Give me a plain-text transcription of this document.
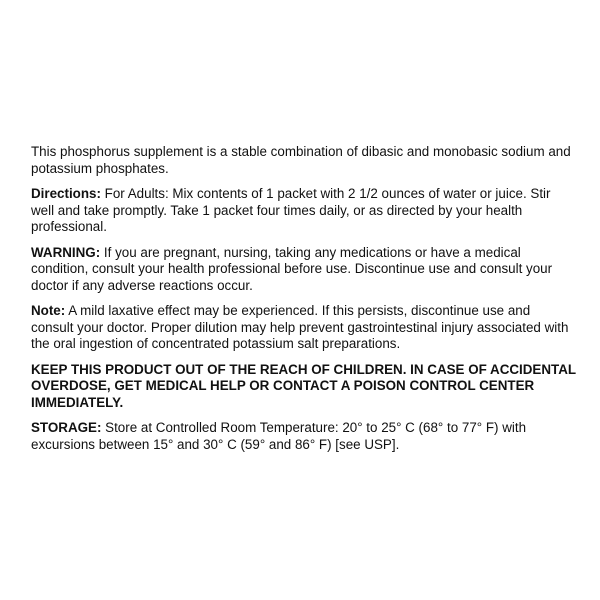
This phosphorus supplement is a stable combination of dibasic and monobasic sodium and potassium phosphates.

Directions: For Adults: Mix contents of 1 packet with 2 1/2 ounces of water or juice. Stir well and take promptly. Take 1 packet four times daily, or as directed by your health professional.

WARNING: If you are pregnant, nursing, taking any medications or have a medical condition, consult your health professional before use. Discontinue use and consult your doctor if any adverse reactions occur.

Note: A mild laxative effect may be experienced. If this persists, discontinue use and consult your doctor. Proper dilution may help prevent gastrointestinal injury associated with the oral ingestion of concentrated potassium salt preparations.

KEEP THIS PRODUCT OUT OF THE REACH OF CHILDREN. IN CASE OF ACCIDENTAL OVERDOSE, GET MEDICAL HELP OR CONTACT A POISON CONTROL CENTER IMMEDIATELY.

STORAGE: Store at Controlled Room Temperature: 20° to 25° C (68° to 77° F) with excursions between 15° and 30° C (59° and 86° F) [see USP].
